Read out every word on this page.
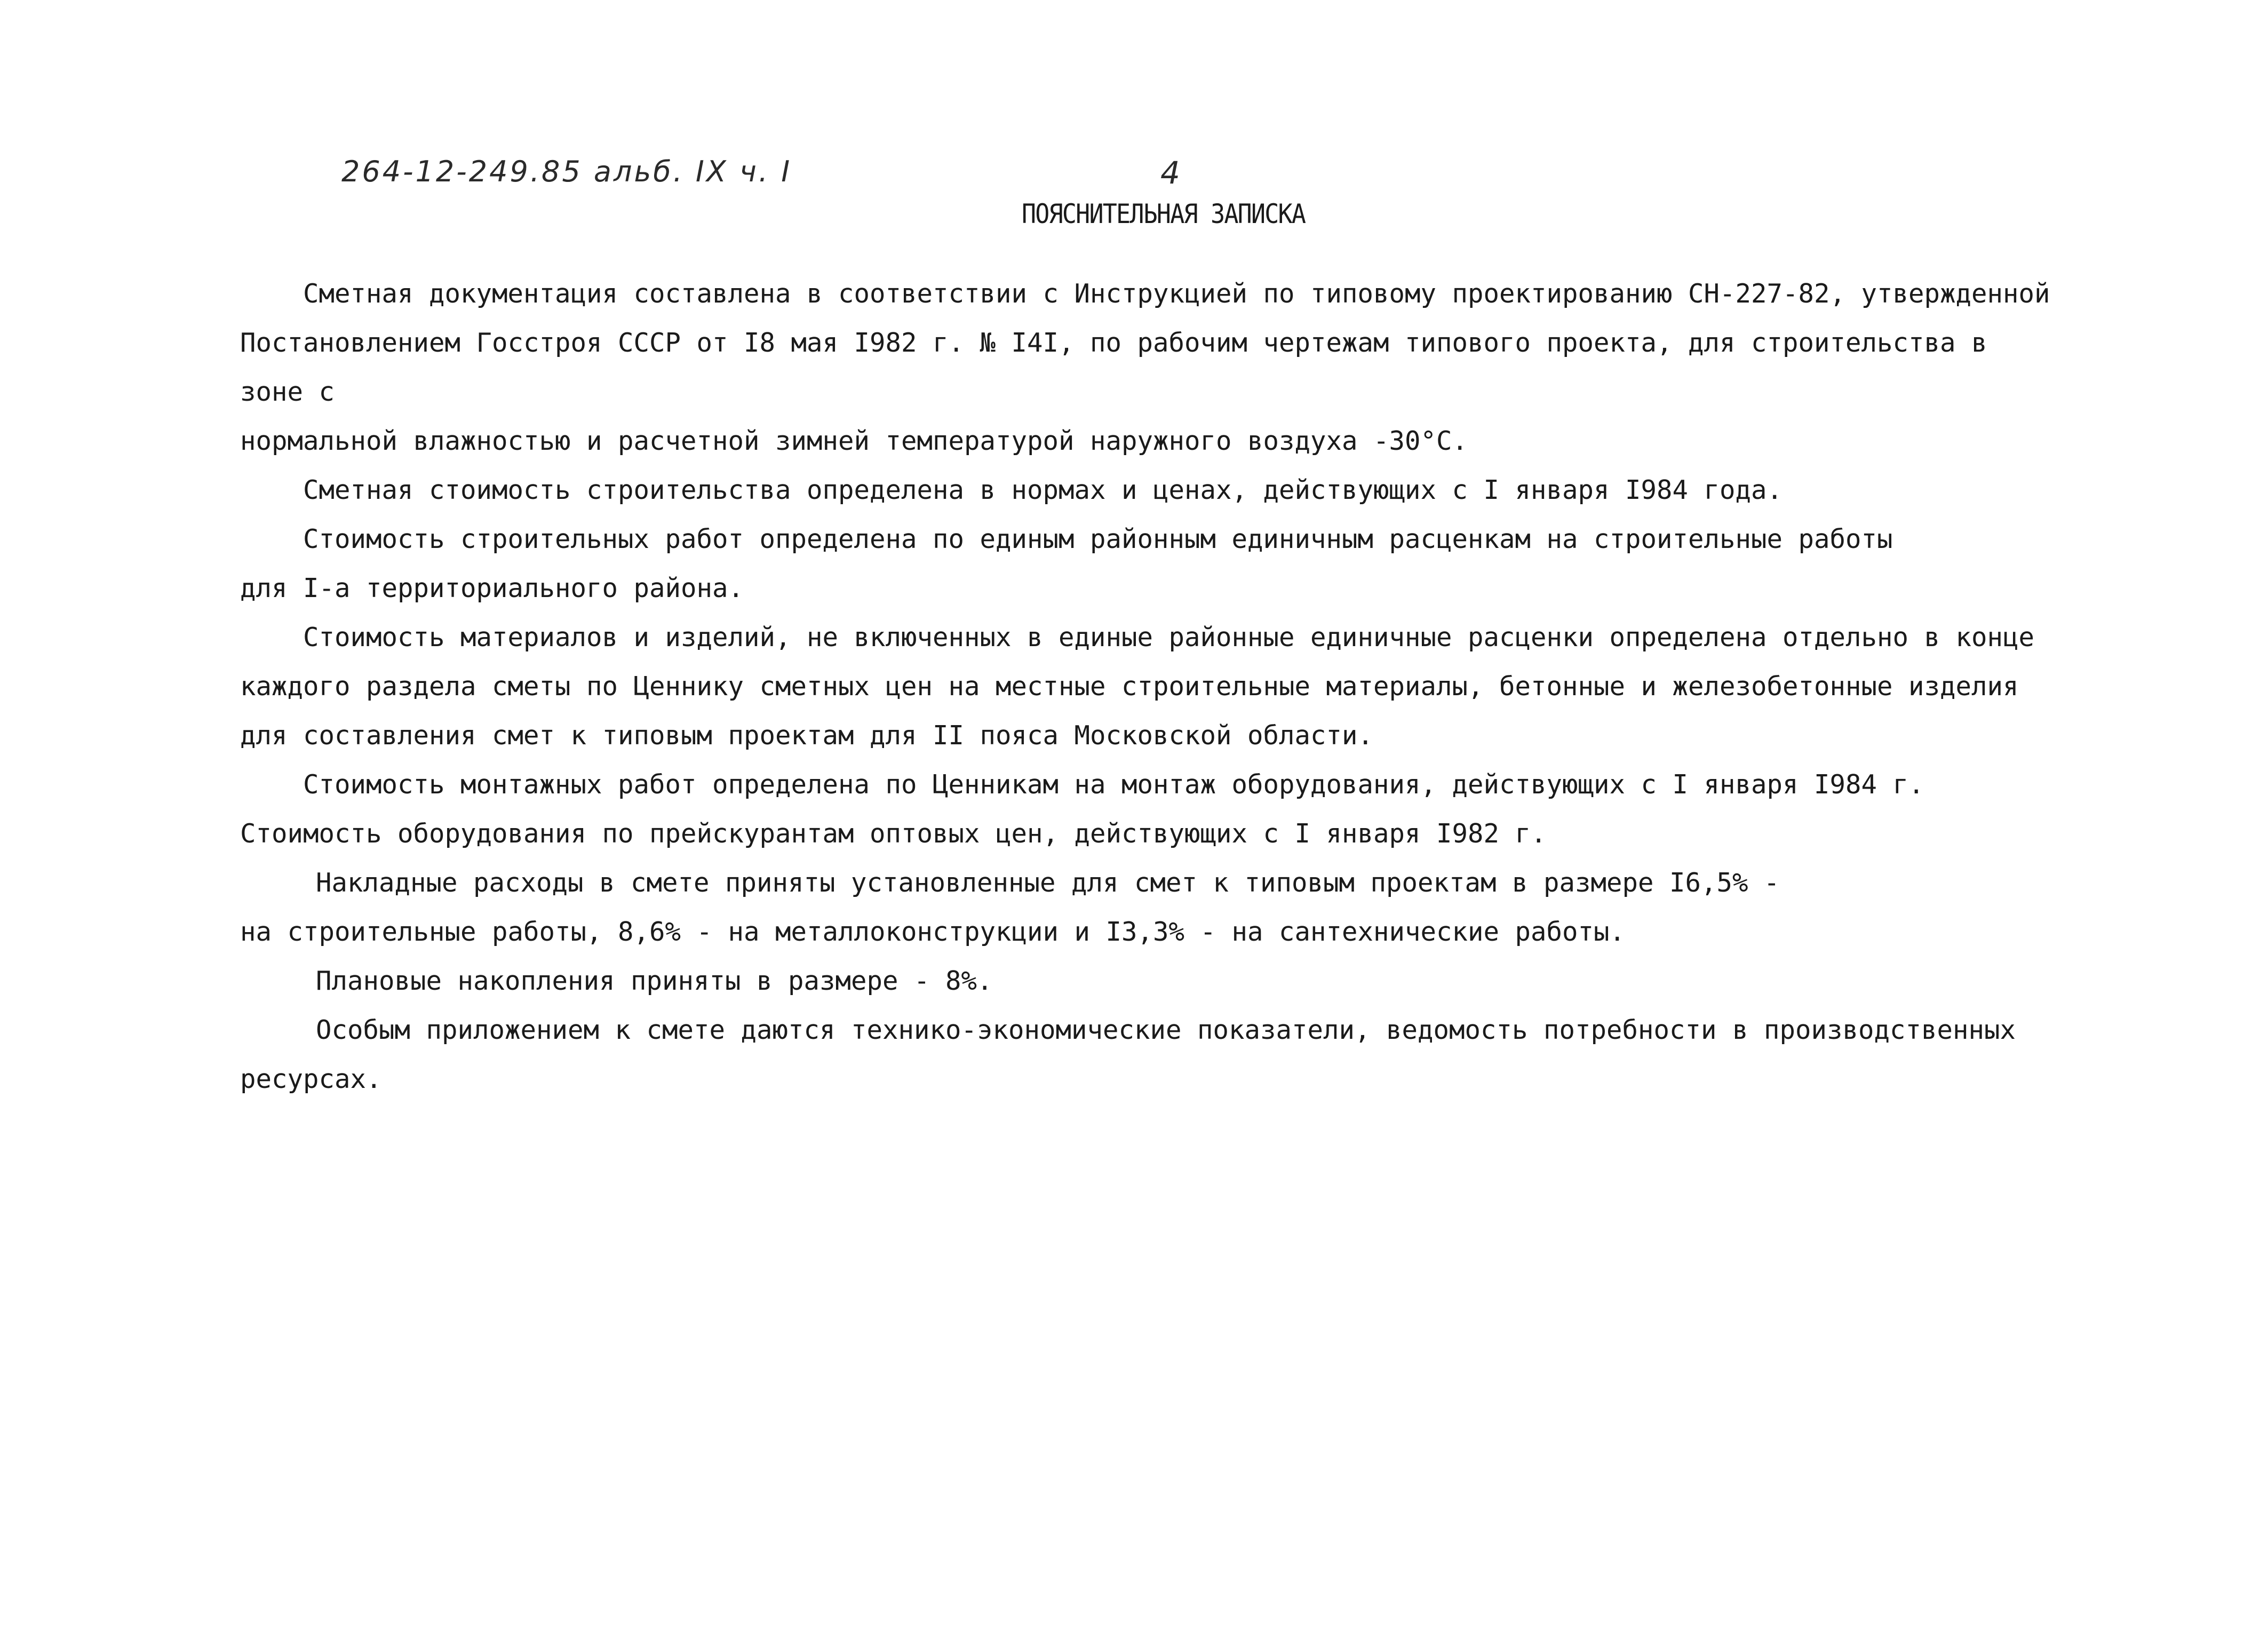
264-12-249.85 альб. IX ч. I	4
ПОЯСНИТЕЛЬНАЯ ЗАПИСКА

Сметная документация составлена в соответствии с Инструкцией по типовому проектированию СН-227-82, утвержденной
Постановлением Госстроя СССР от I8 мая I982 г. № I4I, по рабочим чертежам типового проекта, для строительства в зоне с
нормальной влажностью и расчетной зимней температурой наружного воздуха -30°С.

Сметная стоимость строительства определена в нормах и ценах, действующих с I января I984 года.

Стоимость строительных работ определена по единым районным единичным расценкам на строительные работы
для I-а территориального района.

Стоимость материалов и изделий, не включенных в единые районные единичные расценки определена отдельно в конце
каждого раздела сметы по Ценнику сметных цен на местные строительные материалы, бетонные и железобетонные изделия
для составления смет к типовым проектам для II пояса Московской области.

Стоимость монтажных работ определена по Ценникам на монтаж оборудования, действующих с I января I984 г.
Стоимость оборудования по прейскурантам оптовых цен, действующих с I января I982 г.

Накладные расходы в смете приняты установленные для смет к типовым проектам в размере I6,5% -
на строительные работы, 8,6% - на металлоконструкции и I3,3% - на сантехнические работы.

Плановые накопления приняты в размере - 8%.

Особым приложением к смете даются технико-экономические показатели, ведомость потребности в производственных
ресурсах.
